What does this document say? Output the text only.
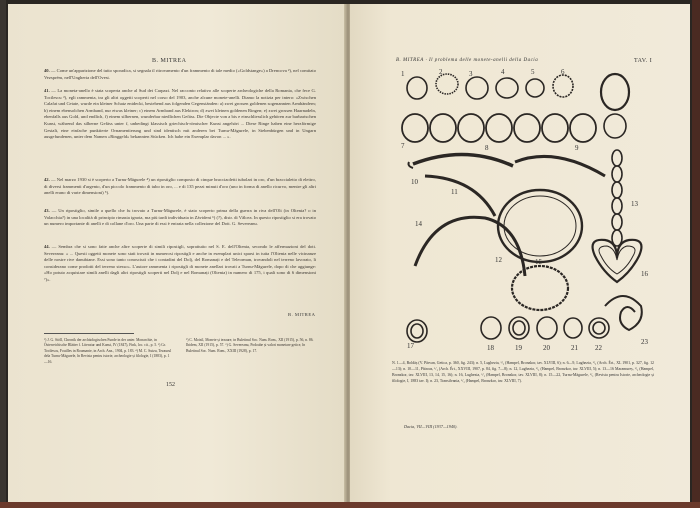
B. MITREA

40. — Come un'apparizione del tutto sporadica, si segnala il ritrovamento d'un frammento di tale medio («Goldstange») a Drencova ²), nel comitato Vezsprém, nell'Ungheria dell'Ovest.

41. — La moneta-anello è stata scoperta anche al Sud dei Carpazi. Nel racconto relativo alle scoperte archeologiche della Romania, che fece G. Tocilescu ³), egli rammenta, tra gli altri oggetti scoperti nel corso del 1903, anche alcune monete-anelli. Diamo la notizia per intero: «Zwischen Calafat und Cetate, wurde ein kleiner Schatz entdeckt, bestehend aus folgenden Gegenständen: a) zwei grossen goldenen sogenannten Armbändern; b) einem ebensolchen Armband, nur etwas kleiner; c) einem Armband aus Elektron; d) zwei kleinen goldenen Ringen; e) zwei grossen Haarnadeln, ebenfalls aus Gold, und endlich, f) einem silbernen, wunderbar niedlichen Gefäss. Die Objecte von a bis e einschliesslich gehören zur barbarischen Kunst, während das silberne Gefäss unter f, unbedingt klassisch griechisch-römischer Kunst angehört ... Diese Ringe haben eine herzförmige Gestalt, eine einfache punktierte Ornamentierung und sind identisch mit anderen bei Turnu-Măgurele, in Siebenbürgen und in Ungarn ausgefundenen, unter dem Namen «Ringgeld» bekannten Stücken. Ich habe ein Exemplar davon ... ».

42. — Nel marzo 1930 si è scoperto a Turnu-Măgurele ⁴) un ripostiglio composto di cinque bracciaoletti tubolari in oro, d'un braccialetto di elettro, di diversi frammenti d'argento, d'un piccolo frammento di tubo in oro, ... e di 135 pezzi minuti d'oro (uno in forma di anello ricurvo, mentre gli altri anelli erano di varie dimensioni) ⁵).

43. — Un ripostiglio, simile a quello che fu trovato a Turnu-Măgurele, è stato scoperto prima della guerra in riva dell'Olt (in Oltenia? o in Valacchia?) in una località di principio rimasta ignota, ma più tardi individuata in Zăvideni ⁶) (?), distr. di Vâlcea. In questo ripostiglio si era trovato un numero importante di anelli e di collane d'oro. Una parte di essi è entrata nella collezione del Dott. G. Severeanu.

44. — Sembra che si sono fatte anche altre scoperte di simili ripostigli, soprattutto nel S. E. dell'Oltenia, secondo le affermazioni del dott. Severeanu: « ... Questi oggetti monete sono stati trovati in numerosi ripostigli e anche in esemplari unici sparsi in tutta l'Oltenia nelle vicinanze delle nostre rive danubiane. Essi sono tanto conosciuti che i contadini del Dolj, del Romanați e del Teleorman, trovandoli nel terreno lavorato, li considerano come prodotti del terreno stesso». L'autore rammenta i ripostigli di monete anellari trovati a Turnu-Măgurele, dopo di che aggiunge: «Ho potuto acquistare simili anelli dagli altri ripostigli scoperti nel Dolj e nel Romanați (Oltenia) in numero di 175, i quali sono di 6 dimensioni ⁷)».

B. MITREA

²) J. G. Stöll, Chronik der archäologischen Funde in der unter. Monarchie, in Österreichische Blätter f. Literatur und Kunst, IV (1847), Fink, loc. cit., p. 5. ³) Gr. Tocilescu, Fouilles in Roumanie, in Arch. Anz., 1904, p. 183. ⁴) M. C. Sutzu, Tezaurul dela Turnu-Măgurele, în Revista pentru istorie, archeologie și filologie, I (1883), p. 1—16.

⁵) C. Moisil, Monete și tezaure, in Buletinul Soc. Num. Rom., XII (1915), p. 56, n. 86. Ibidem, XII (1915), p. 57. ⁶) G. Severeanu, Podoabe și valori monetare getice, în Buletinul Soc. Num. Rom., XXIII (1928), p. 17.

152
B. MITREA · Il problema delle monete-anelli della Dacia	TAV. I
1	2	3	4	5	6
7	8	9
10
11
12
13
14
15
16
17	18	19	20	21 22
23

N. 1—4, Boldăș (V. Pârvan, Getica, p. 360, fig. 243); n. 5, Lughezia, ¹/₁ (Hampel, Bronzkor, tav. XLVIII, 6); n. 6—9, Lughezia, ¹/₁ (Arch. Ért., XL 1901, p. 327, fig. 12—13); n. 10—11, Pâtroas, ¹/₁ (Arch. Ért., XXVIII, 1907, p. 84, fig. 7—8); n. 12, Lughezia, ¹/₁ (Hampel, Bronzkor, tav. XLVIII, 5); n. 13—16 Maramureș, ¹/₁ (Hampel, Bronzkor, tav. XLVIII, 13, 14, 15, 16); n. 16, Lughezia, ¹/₁ (Hampel, Bronzkor, tav. XLVIII, 8); n. 15—22, Turnu-Măgurele, ¹/₁ (Revista pentru Istorie, archeologie și filologie, I, 1883 tav. I); n. 23, Transilvania, ¹/₁ (Hampel, Bronzkor, tav. XLVIII, 7).

Dacia, VII—VIII (1937—1940).
